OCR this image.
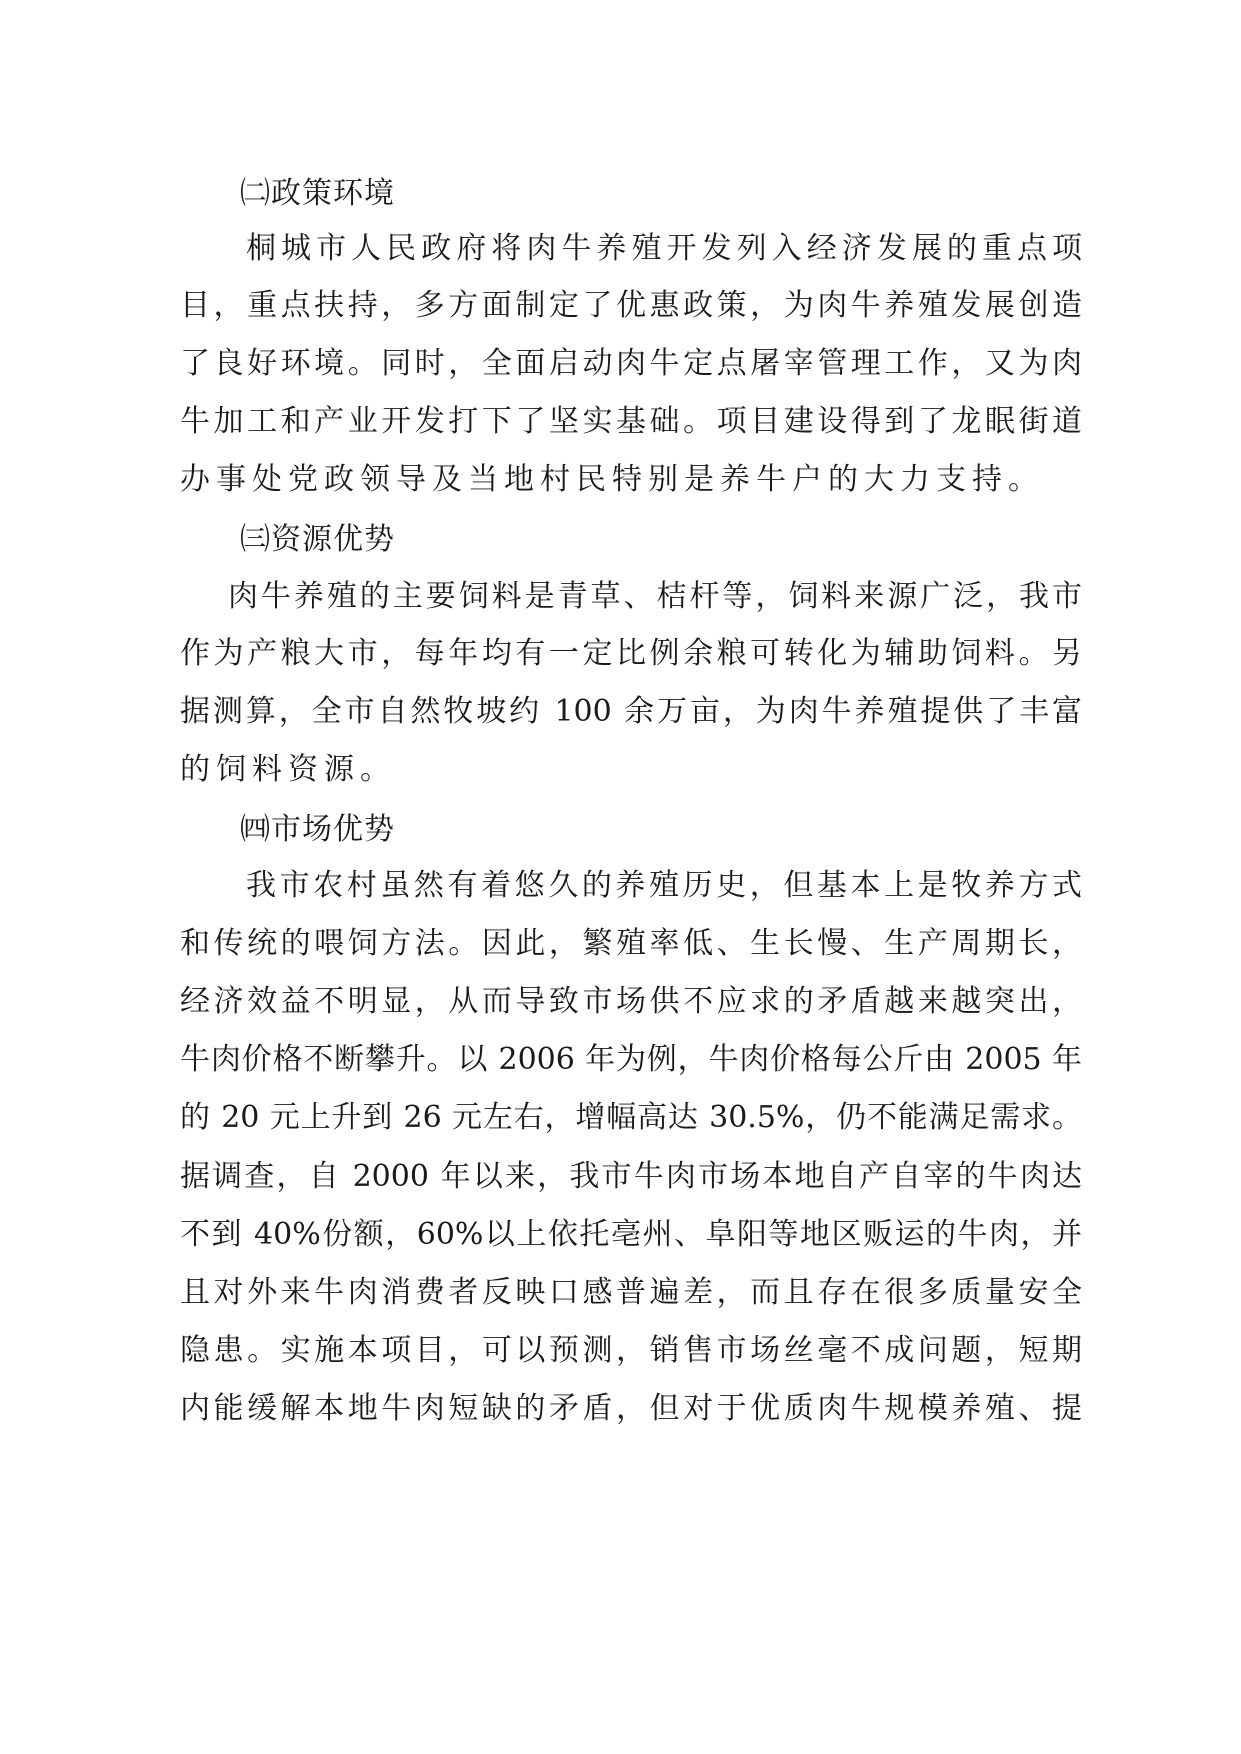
㈡政策环境
桐城市人民政府将肉牛养殖开发列入经济发展的重点项
目，重点扶持，多方面制定了优惠政策，为肉牛养殖发展创造
了良好环境。同时，全面启动肉牛定点屠宰管理工作，又为肉
牛加工和产业开发打下了坚实基础。项目建设得到了龙眠街道
办事处党政领导及当地村民特别是养牛户的大力支持。
㈢资源优势
肉牛养殖的主要饲料是青草、桔杆等，饲料来源广泛，我市
作为产粮大市，每年均有一定比例余粮可转化为辅助饲料。另
据测算，全市自然牧坡约 100 余万亩，为肉牛养殖提供了丰富
的饲料资源。
㈣市场优势
我市农村虽然有着悠久的养殖历史，但基本上是牧养方式
和传统的喂饲方法。因此，繁殖率低、生长慢、生产周期长，
经济效益不明显，从而导致市场供不应求的矛盾越来越突出，
牛肉价格不断攀升。以 2006 年为例，牛肉价格每公斤由 2005 年
的 20 元上升到 26 元左右，增幅高达 30.5%，仍不能满足需求。
据调查，自 2000 年以来，我市牛肉市场本地自产自宰的牛肉达
不到 40%份额，60%以上依托亳州、阜阳等地区贩运的牛肉，并
且对外来牛肉消费者反映口感普遍差，而且存在很多质量安全
隐患。实施本项目，可以预测，销售市场丝毫不成问题，短期
内能缓解本地牛肉短缺的矛盾，但对于优质肉牛规模养殖、提
